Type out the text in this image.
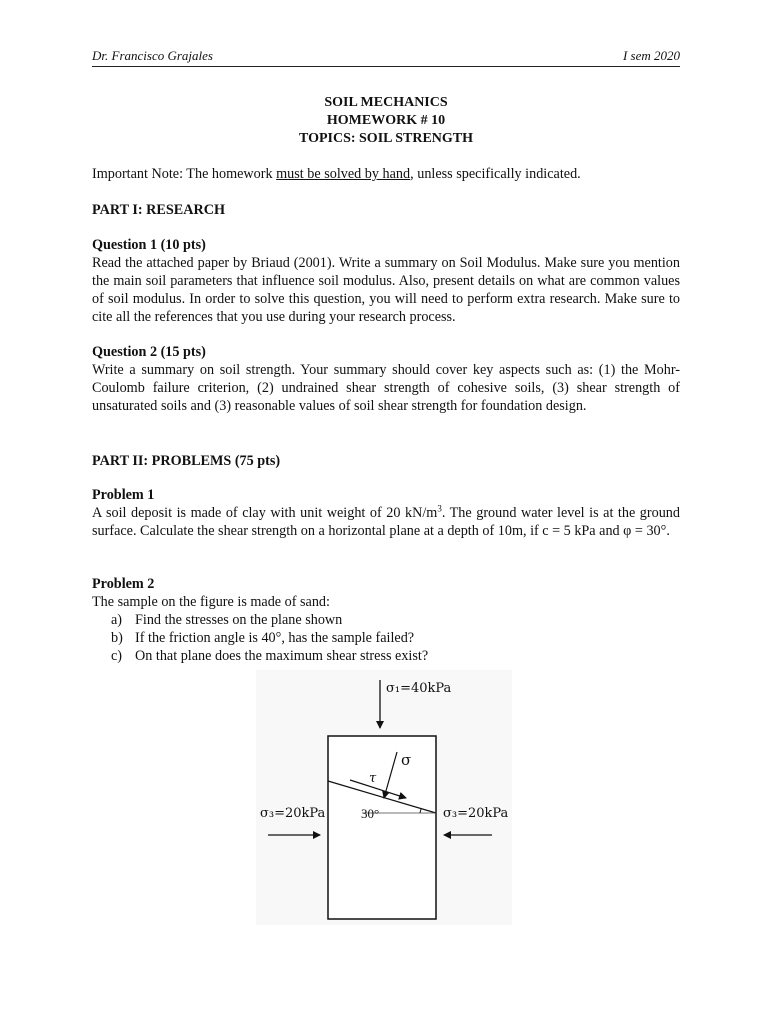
Dr. Francisco Grajales	I sem 2020
SOIL MECHANICS
HOMEWORK # 10
TOPICS: SOIL STRENGTH

Important Note: The homework must be solved by hand, unless specifically indicated.

PART I: RESEARCH

Question 1 (10 pts)

Read the attached paper by Briaud (2001). Write a summary on Soil Modulus. Make sure you mention the main soil parameters that influence soil modulus. Also, present details on what are common values of soil modulus. In order to solve this question, you will need to perform extra research. Make sure to cite all the references that you use during your research process.

Question 2 (15 pts)

Write a summary on soil strength. Your summary should cover key aspects such as: (1) the Mohr-Coulomb failure criterion, (2) undrained shear strength of cohesive soils, (3) shear strength of unsaturated soils and (3) reasonable values of soil shear strength for foundation design.

PART II: PROBLEMS (75 pts)

Problem 1

A soil deposit is made of clay with unit weight of 20 $kN/m^3$. The ground water level is at the ground surface. Calculate the shear strength on a horizontal plane at a depth of 10m, if c = 5 kPa and φ = 30°.

Problem 2

The sample on the figure is made of sand:

a) Find the stresses on the plane shown
b) If the friction angle is 40°, has the sample failed?
c) On that plane does the maximum shear stress exist?
σ₁=40kPa
σ
τ
30°
σ₃=20kPa	σ₃=20kPa
